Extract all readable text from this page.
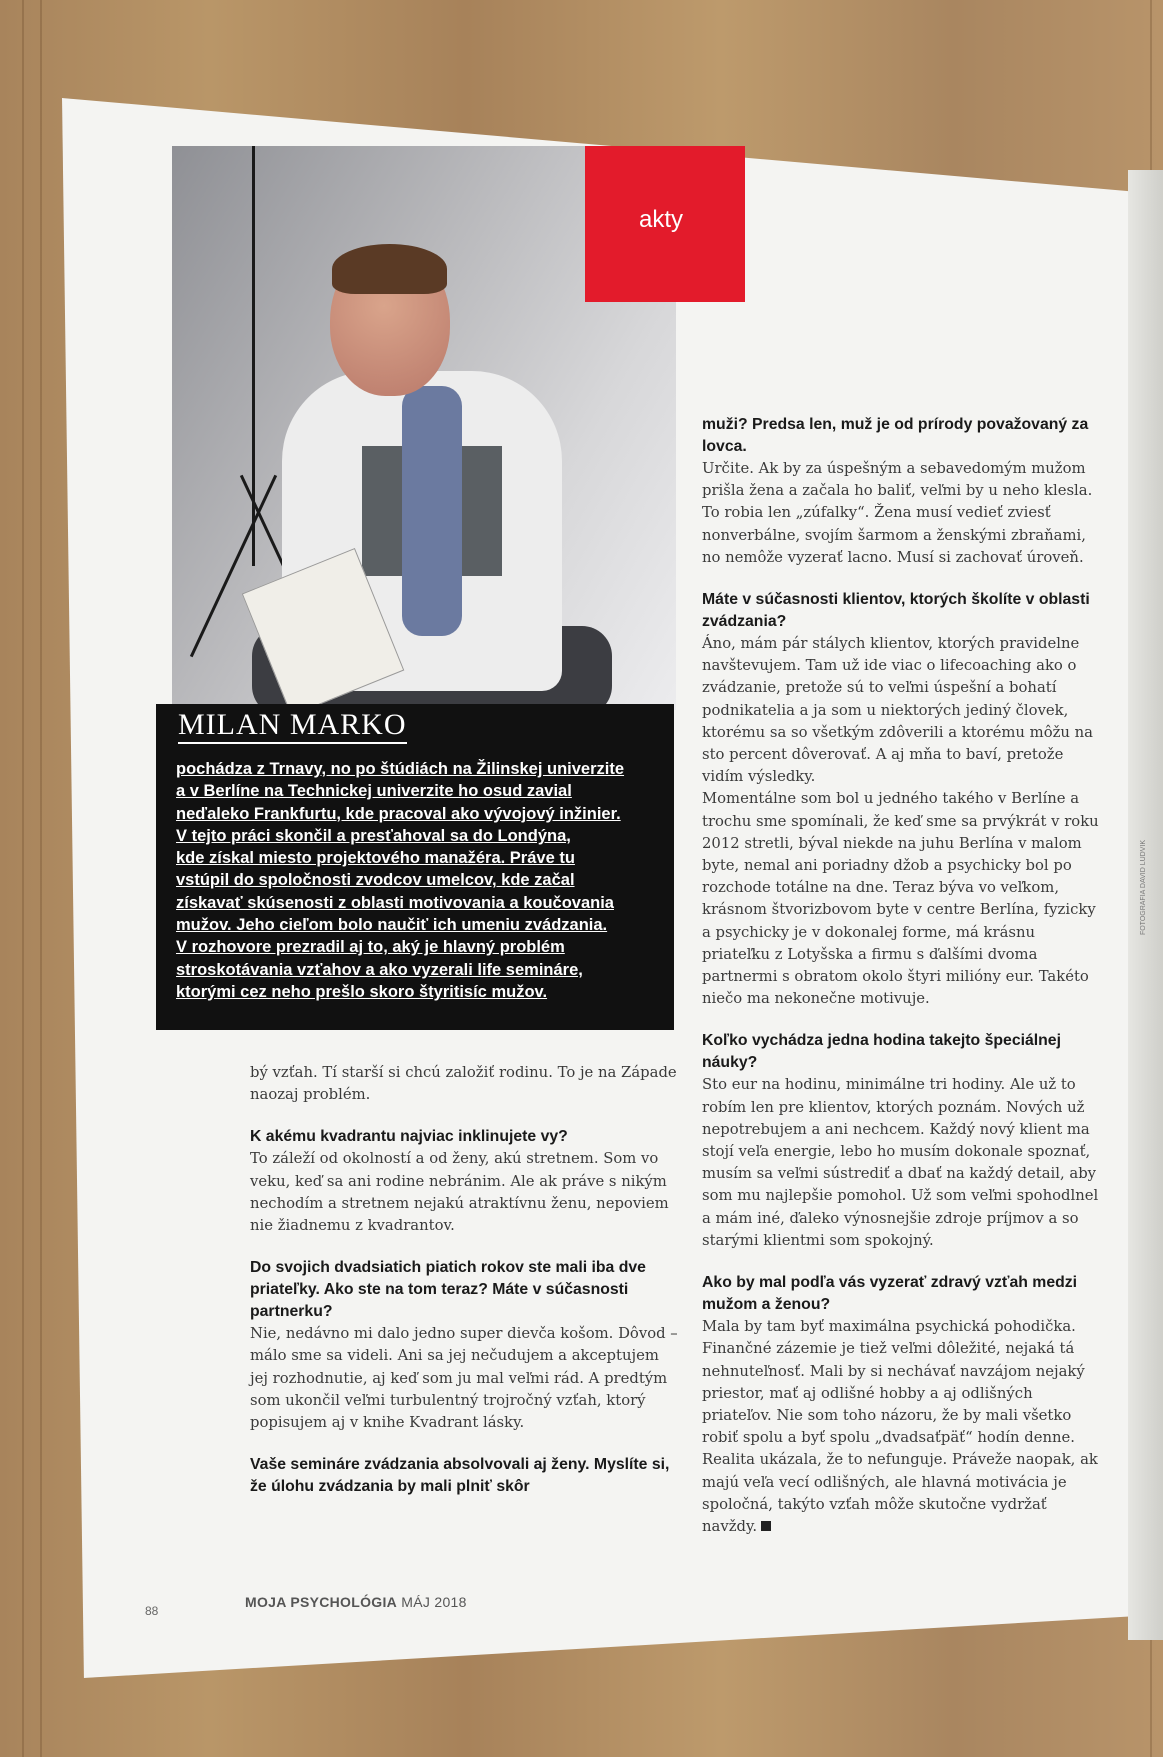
akty
MILAN MARKO
pochádza z Trnavy, no po štúdiách na Žilinskej univerzite
a v Berlíne na Technickej univerzite ho osud zavial
neďaleko Frankfurtu, kde pracoval ako vývojový inžinier.
V tejto práci skončil a presťahoval sa do Londýna,
kde získal miesto projektového manažéra. Práve tu
vstúpil do spoločnosti zvodcov umelcov, kde začal
získavať skúsenosti z oblasti motivovania a koučovania
mužov. Jeho cieľom bolo naučiť ich umeniu zvádzania.
V rozhovore prezradil aj to, aký je hlavný problém
stroskotávania vzťahov a ako vyzerali life semináre,
ktorými cez neho prešlo skoro štyritisíc mužov.

bý vzťah. Tí starší si chcú založiť rodinu. To je na Západe naozaj problém.

K akému kvadrantu najviac inklinujete vy?

To záleží od okolností a od ženy, akú stretnem. Som vo veku, keď sa ani rodine nebránim. Ale ak práve s nikým nechodím a stretnem nejakú atraktívnu ženu, nepoviem nie žiadnemu z kvadrantov.

Do svojich dvadsiatich piatich rokov ste mali iba dve priateľky. Ako ste na tom teraz? Máte v súčasnosti partnerku?

Nie, nedávno mi dalo jedno super dievča košom. Dôvod – málo sme sa videli. Ani sa jej nečudujem a akceptujem jej rozhodnutie, aj keď som ju mal veľmi rád. A predtým som ukončil veľmi turbulentný trojročný vzťah, ktorý popisujem aj v knihe Kvadrant lásky.

Vaše semináre zvádzania absolvovali aj ženy. Myslíte si, že úlohu zvádzania by mali plniť skôr

muži? Predsa len, muž je od prírody považovaný za lovca.

Určite. Ak by za úspešným a sebavedomým mužom prišla žena a začala ho baliť, veľmi by u neho klesla. To robia len „zúfalky“. Žena musí vedieť zviesť nonverbálne, svojím šarmom a ženskými zbraňami, no nemôže vyzerať lacno. Musí si zachovať úroveň.

Máte v súčasnosti klientov, ktorých školíte v oblasti zvádzania?

Áno, mám pár stálych klientov, ktorých pravidelne navštevujem. Tam už ide viac o lifecoaching ako o zvádzanie, pretože sú to veľmi úspešní a bohatí podnikatelia a ja som u niektorých jediný človek, ktorému sa so všetkým zdôverili a ktorému môžu na sto percent dôverovať. A aj mňa to baví, pretože vidím výsledky.

Momentálne som bol u jedného takého v Berlíne a trochu sme spomínali, že keď sme sa prvýkrát v roku 2012 stretli, býval niekde na juhu Berlína v malom byte, nemal ani poriadny džob a psychicky bol po rozchode totálne na dne. Teraz býva vo veľkom, krásnom štvorizbovom byte v centre Berlína, fyzicky a psychicky je v dokonalej forme, má krásnu priateľku z Lotyšska a firmu s ďalšími dvoma partnermi s obratom okolo štyri milióny eur. Takéto niečo ma nekonečne motivuje.

Koľko vychádza jedna hodina takejto špeciálnej náuky?

Sto eur na hodinu, minimálne tri hodiny. Ale už to robím len pre klientov, ktorých poznám. Nových už nepotrebujem a ani nechcem. Každý nový klient ma stojí veľa energie, lebo ho musím dokonale spoznať, musím sa veľmi sústrediť a dbať na každý detail, aby som mu najlepšie pomohol. Už som veľmi spohodlnel a mám iné, ďaleko výnosnejšie zdroje príjmov a so starými klientmi som spokojný.

Ako by mal podľa vás vyzerať zdravý vzťah medzi mužom a ženou?

Mala by tam byť maximálna psychická pohodička. Finančné zázemie je tiež veľmi dôležité, nejaká tá nehnuteľnosť. Mali by si nechávať navzájom nejaký priestor, mať aj odlišné hobby a aj odlišných priateľov. Nie som toho názoru, že by mali všetko robiť spolu a byť spolu „dvadsaťpäť“ hodín denne. Realita ukázala, že to nefunguje. Práveže naopak, ak majú veľa vecí odlišných, ale hlavná motivácia je spoločná, takýto vzťah môže skutočne vydržať navždy.

88
MOJA PSYCHOLÓGIA MÁJ 2018
FOTOGRAFIA DAVID LUDVIK
